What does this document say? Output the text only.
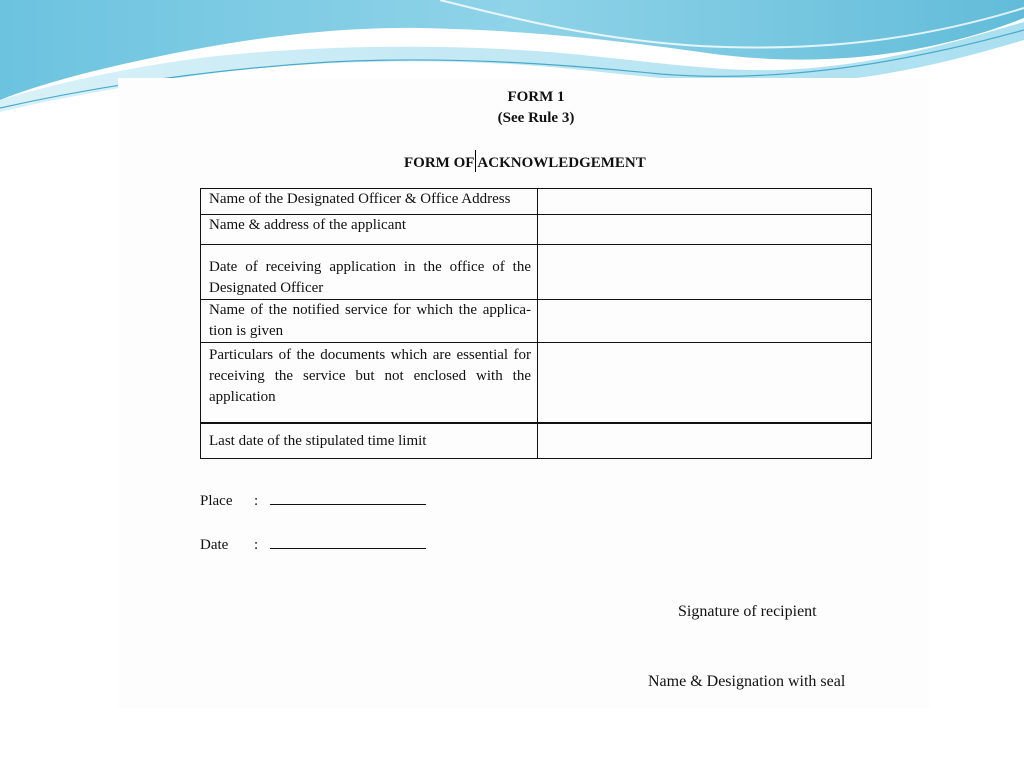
FORM 1
(See Rule 3)
FORM OF ACKNOWLEDGEMENT
Name of the Designated Officer & Office Address	
Name & address of the applicant	
Date of receiving application in the office of the Designated Officer	
Name of the notified service for which the applica-tion is given	
Particulars of the documents which are essential for receiving the service but not enclosed with the application	
Last date of the stipulated time limit	
Place :
Date :
Signature of recipient
Name & Designation with seal
